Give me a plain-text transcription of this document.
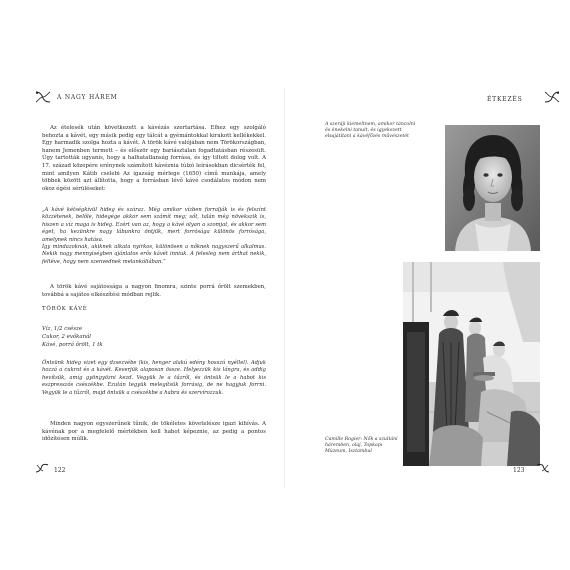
A NAGY HÁREM

Az ételesék után következett a kávézás szertartása. Elhez egy szolgáló behozta a kávét, egy másik pedig egy tálcát a gyémántokkal kirakott kellékekkel. Egy harmadik szolga hozta a kávét. A török kávé valójában nem Törökországban, hanem Jemenben termett – és először egy bariásztalan fogadtatásban részesült. Úgy tartották ugyanis, hogy a halhatatlanság forrása, és így tiltott dolog volt. A 17. század közepére erénynek számított kávéznia túlzó leírásokban dicsérték fel, mint amilyen Kátib cselebi Az igazság mérlege (1650) című munkája, amely többek között azt állította, hogy a forrásban lévő kávé csodálatos módon nem okoz égési sérüléseket:

„A kávé kétségkívül hideg és száraz. Még amikor vízben forralják is és felszínt közzétenek, belőle, hidegége akkor sem számít meg; sőt, talán még növekszik is, hiszen a víz maga is hideg. Ezért van az, hogy a kávé olyan a szomjat, és akkor sem éget, ha kezünkre nagy lábunkra öntjük, mert forrósága különös forrósága, amelynek nincs hatása.

Így mindazoknak, akiknek alkata nyirkos, különösen a nőknek nagyszerű alkalmas. Nekik nagy mennyiségben ajánlatos erős kávét inniuk. A felesleg nem árthat nekik, feltéve, hogy nem szenvednek melankóliában.”

A török kávé sajátossága a nagyon finomra, szinte porrá őrölt szemekben, továbbá a sajátos elkészítési módban rejlik.

TÖRÖK KÁVÉ
Víz, 1/2 csésze
Cukor, 2 evőkanál
Kávé, porrá őrölt, 1 tk

Öntsünk hideg vizet egy dzsezvébe (kis, henger alakú edény hosszú nyéllel). Adjuk hozzá a cukrot és a kávét. Keverjük alaposan össze. Helyezzük kis lángra, és addig hevítsük, amíg gyöngyözni kezd. Vegyük le a tűzről, és öntsük le a habot kis eszpresszós csészékbe. Ezután tegyük melegítsük forrásig, de ne hagyjuk forrni. Vegyük le a tűzről, majd öntsük a csészékbe a habra és szervírozzuk.

Minden nagyon egyszerűnek tűnik, de tökéletes követelésze igazi kihívás. A kávénak por a megfelelő mértékben kell habot képeznie, az pedig a pontos időzítésen múlik.

122
ÉTKEZÉS
A szeráji kiemeltnem, amikor táncolni és énekelni tanult, és igyekezett elsajátítani a kávéfőzés művészetét
Camille Rogier: Nők a szultáni háremben, olaj, Topkapı Múzeum, Isztambul
123
